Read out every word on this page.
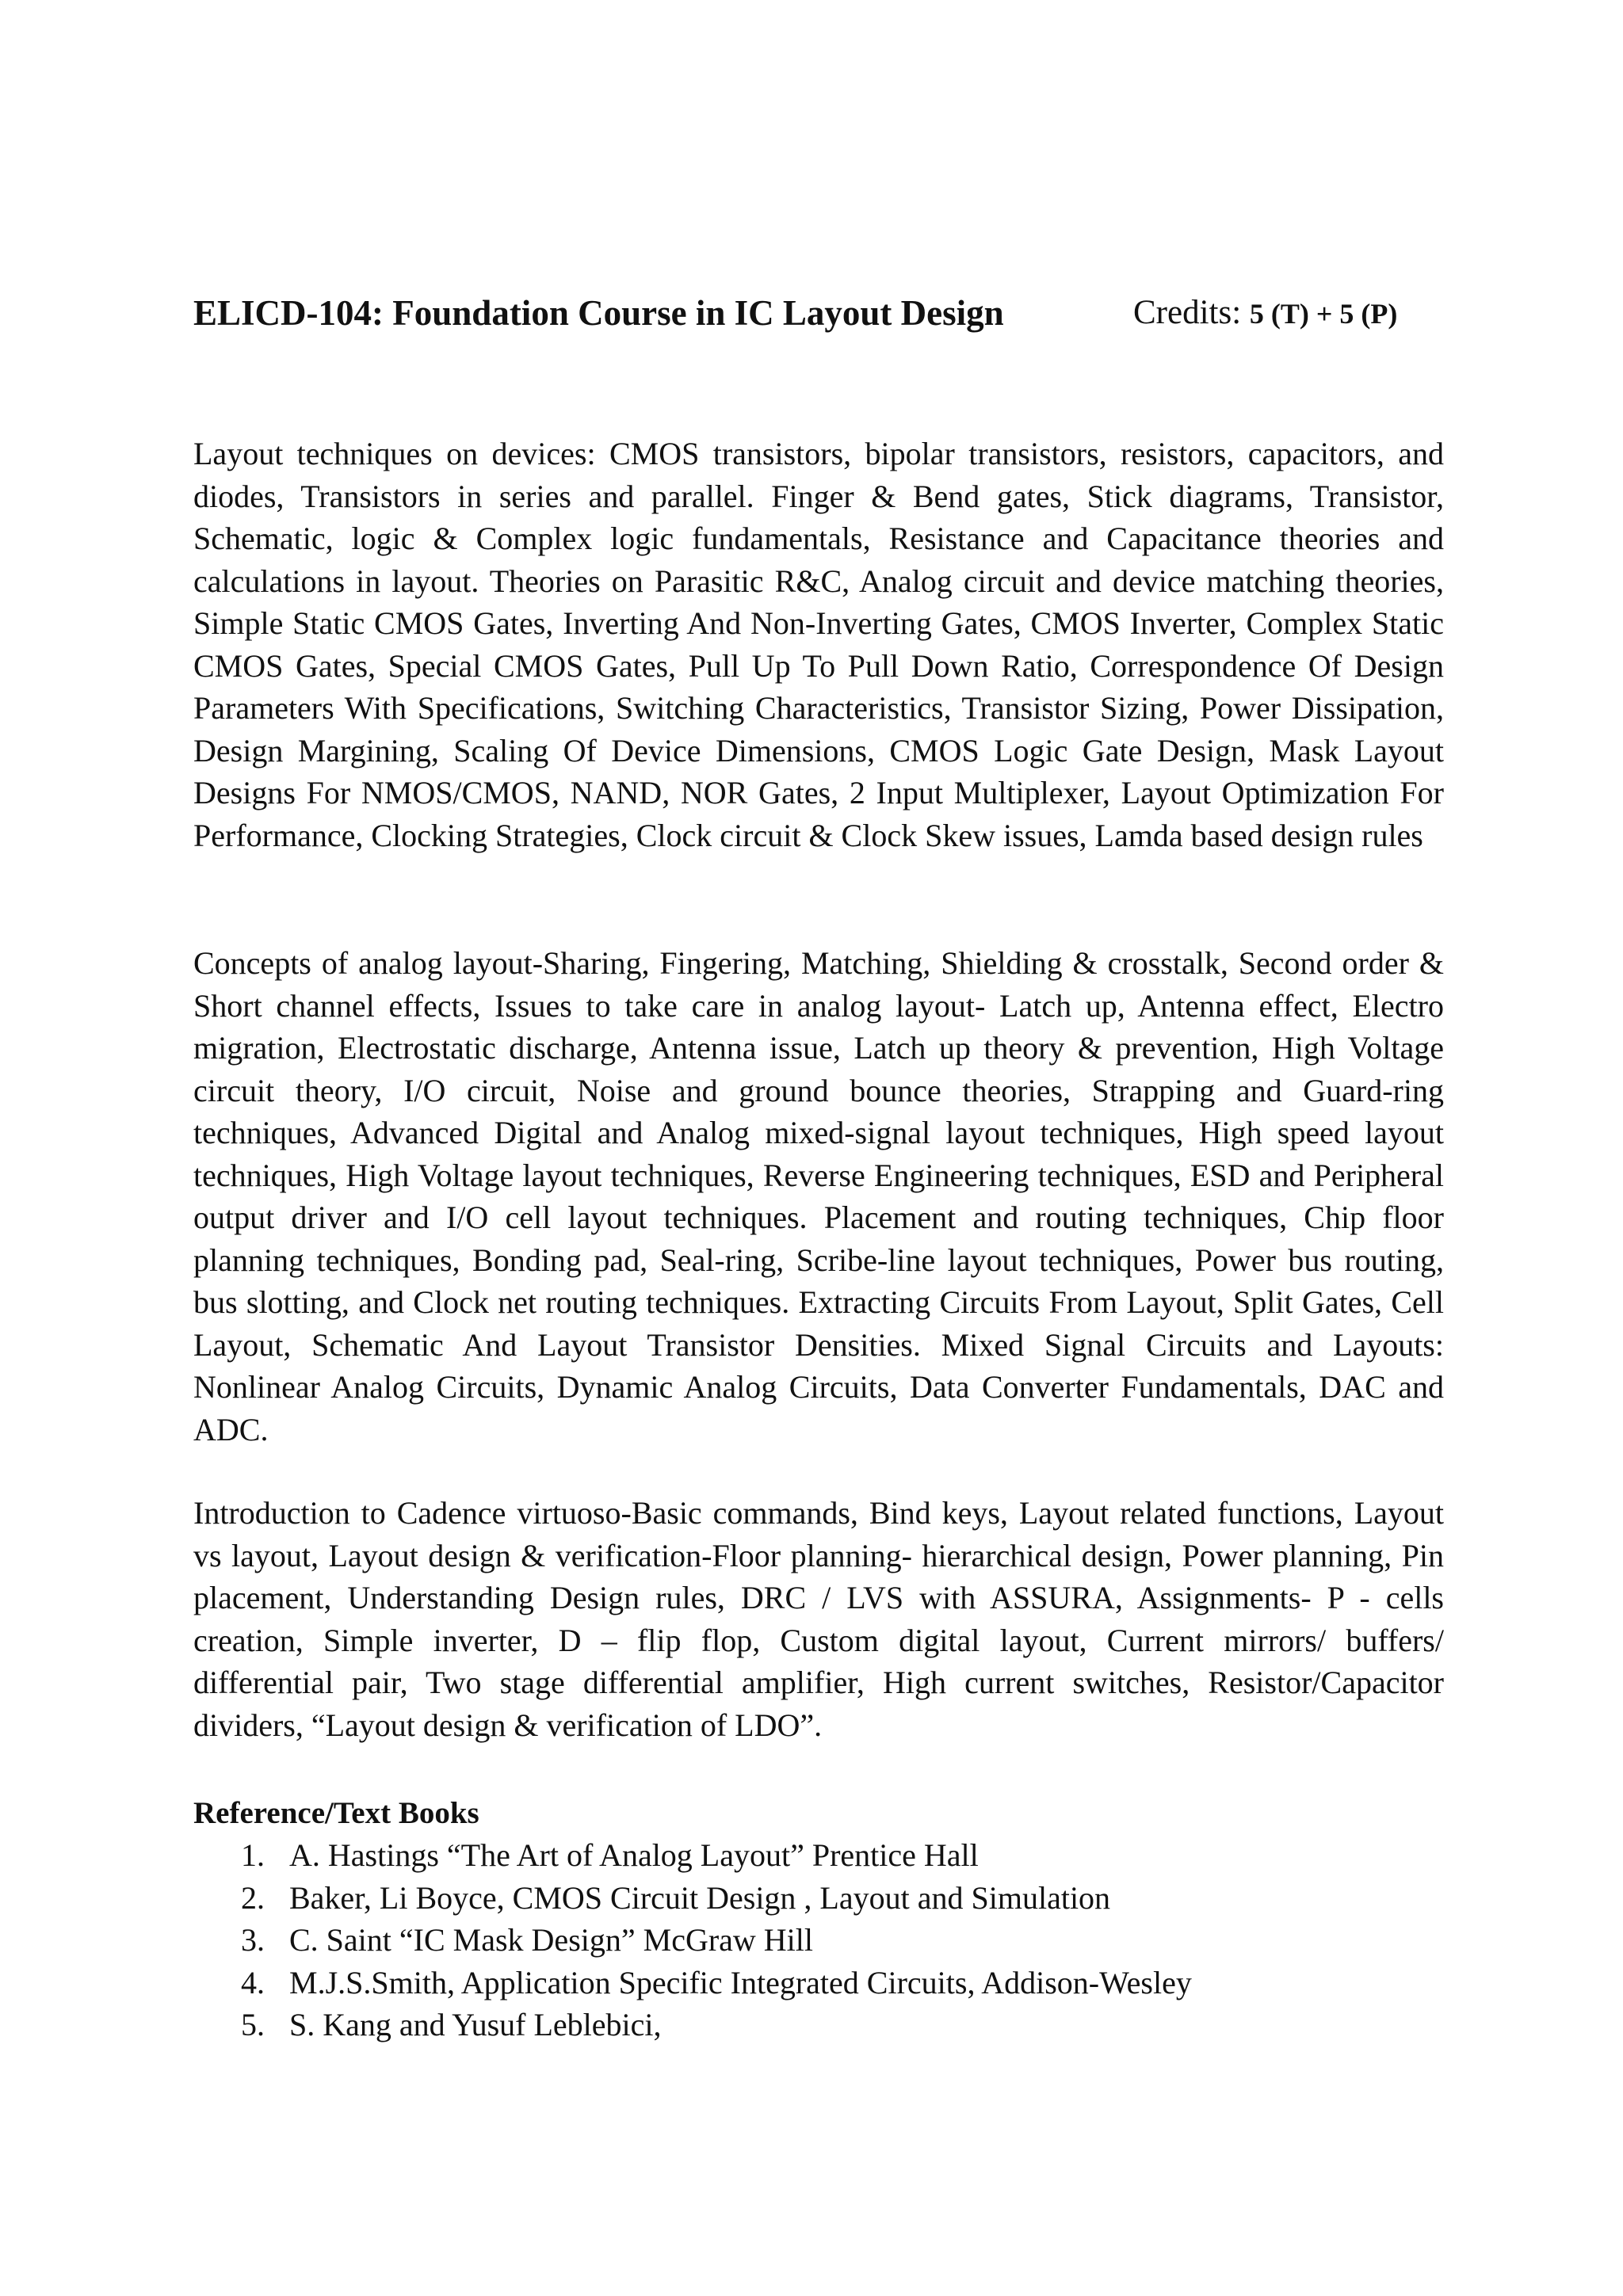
ELICD-104: Foundation Course in IC Layout Design	Credits: 5 (T) + 5 (P)

Layout techniques on devices: CMOS transistors, bipolar transistors, resistors, capacitors, and diodes, Transistors in series and parallel. Finger & Bend gates, Stick diagrams, Transistor, Schematic, logic & Complex logic fundamentals, Resistance and Capacitance theories and calculations in layout. Theories on Parasitic R&C, Analog circuit and device matching theories, Simple Static CMOS Gates, Inverting And Non-Inverting Gates, CMOS Inverter, Complex Static CMOS Gates, Special CMOS Gates, Pull Up To Pull Down Ratio, Correspondence Of Design Parameters With Specifications, Switching Characteristics, Transistor Sizing, Power Dissipation, Design Margining, Scaling Of Device Dimensions, CMOS Logic Gate Design, Mask Layout Designs For NMOS/CMOS, NAND, NOR Gates, 2 Input Multiplexer, Layout Optimization For Performance, Clocking Strategies, Clock circuit & Clock Skew issues, Lamda based design rules

Concepts of analog layout-Sharing, Fingering, Matching, Shielding & crosstalk, Second order & Short channel effects, Issues to take care in analog layout- Latch up, Antenna effect, Electro migration, Electrostatic discharge, Antenna issue, Latch up theory & prevention, High Voltage circuit theory, I/O circuit, Noise and ground bounce theories, Strapping and Guard-ring techniques, Advanced Digital and Analog mixed-signal layout techniques, High speed layout techniques, High Voltage layout techniques, Reverse Engineering techniques, ESD and Peripheral output driver and I/O cell layout techniques. Placement and routing techniques, Chip floor planning techniques, Bonding pad, Seal-ring, Scribe-line layout techniques, Power bus routing, bus slotting, and Clock net routing techniques. Extracting Circuits From Layout, Split Gates, Cell Layout, Schematic And Layout Transistor Densities. Mixed Signal Circuits and Layouts: Nonlinear Analog Circuits, Dynamic Analog Circuits, Data Converter Fundamentals, DAC and ADC.

Introduction to Cadence virtuoso-Basic commands, Bind keys, Layout related functions, Layout vs layout, Layout design & verification-Floor planning- hierarchical design, Power planning, Pin placement, Understanding Design rules, DRC / LVS with ASSURA, Assignments- P - cells creation, Simple inverter, D – flip flop, Custom digital layout, Current mirrors/ buffers/ differential pair, Two stage differential amplifier, High current switches, Resistor/Capacitor dividers, “Layout design & verification of LDO”.

Reference/Text Books
1. A. Hastings “The Art of Analog Layout” Prentice Hall
2. Baker, Li Boyce, CMOS Circuit Design , Layout and Simulation
3. C. Saint “IC Mask Design” McGraw Hill
4. M.J.S.Smith, Application Specific Integrated Circuits, Addison-Wesley
5. S. Kang and Yusuf Leblebici,
